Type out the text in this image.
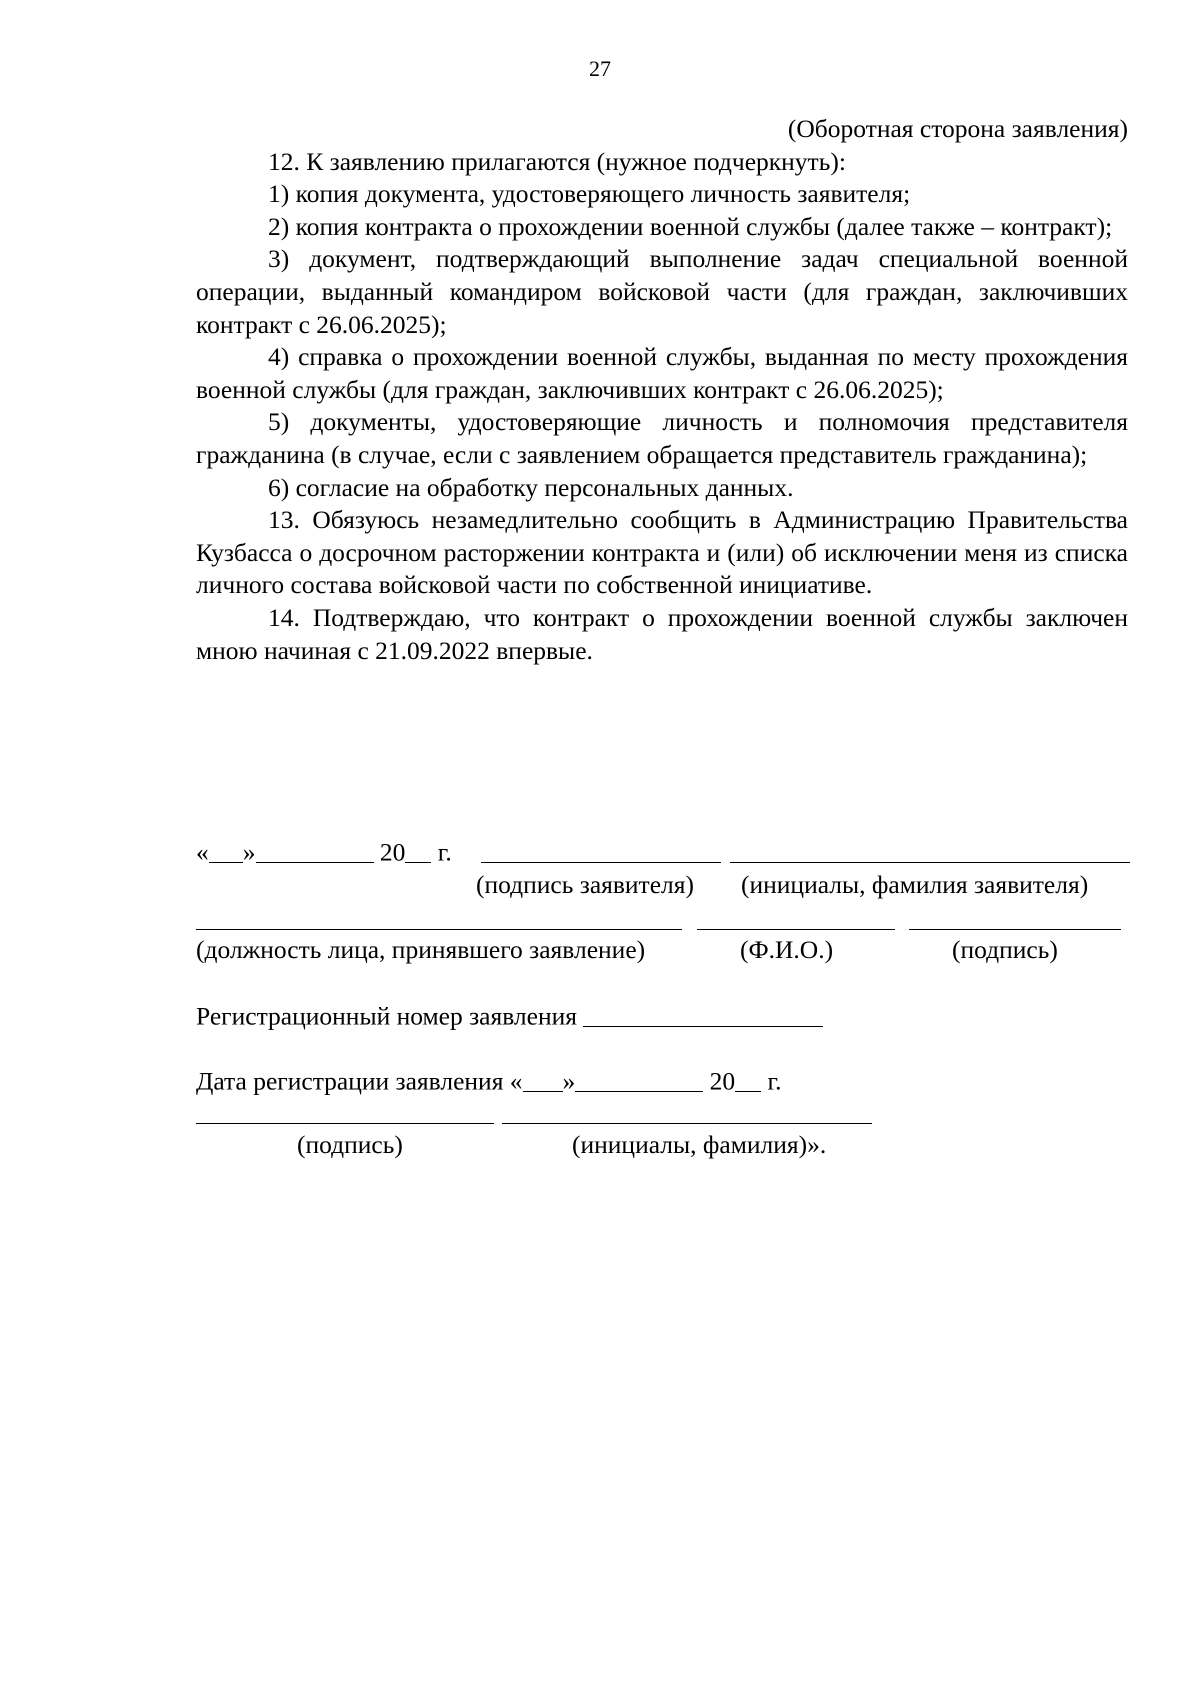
27

(Оборотная сторона заявления)

12. К заявлению прилагаются (нужное подчеркнуть):

1) копия документа, удостоверяющего личность заявителя;

2) копия контракта о прохождении военной службы (далее также – контракт);

3) документ, подтверждающий выполнение задач специальной военной операции, выданный командиром войсковой части (для граждан, заключивших контракт с 26.06.2025);

4) справка о прохождении военной службы, выданная по месту прохождения военной службы (для граждан, заключивших контракт с 26.06.2025);

5) документы, удостоверяющие личность и полномочия представителя гражданина (в случае, если с заявлением обращается представитель гражданина);

6) согласие на обработку персональных данных.

13. Обязуюсь незамедлительно сообщить в Администрацию Правительства Кузбасса о досрочном расторжении контракта и (или) об исключении меня из списка личного состава войсковой части по собственной инициативе.

14. Подтверждаю, что контракт о прохождении военной службы заключен мною начиная с 21.09.2022 впервые.

« »	20 г.
(подпись заявителя) (инициалы, фамилия заявителя)
(должность лица, принявшего заявление)	(Ф.И.О.)	(подпись)
Регистрационный номер заявления
Дата регистрации заявления « »	20 г.
(подпись)	(инициалы, фамилия)».
